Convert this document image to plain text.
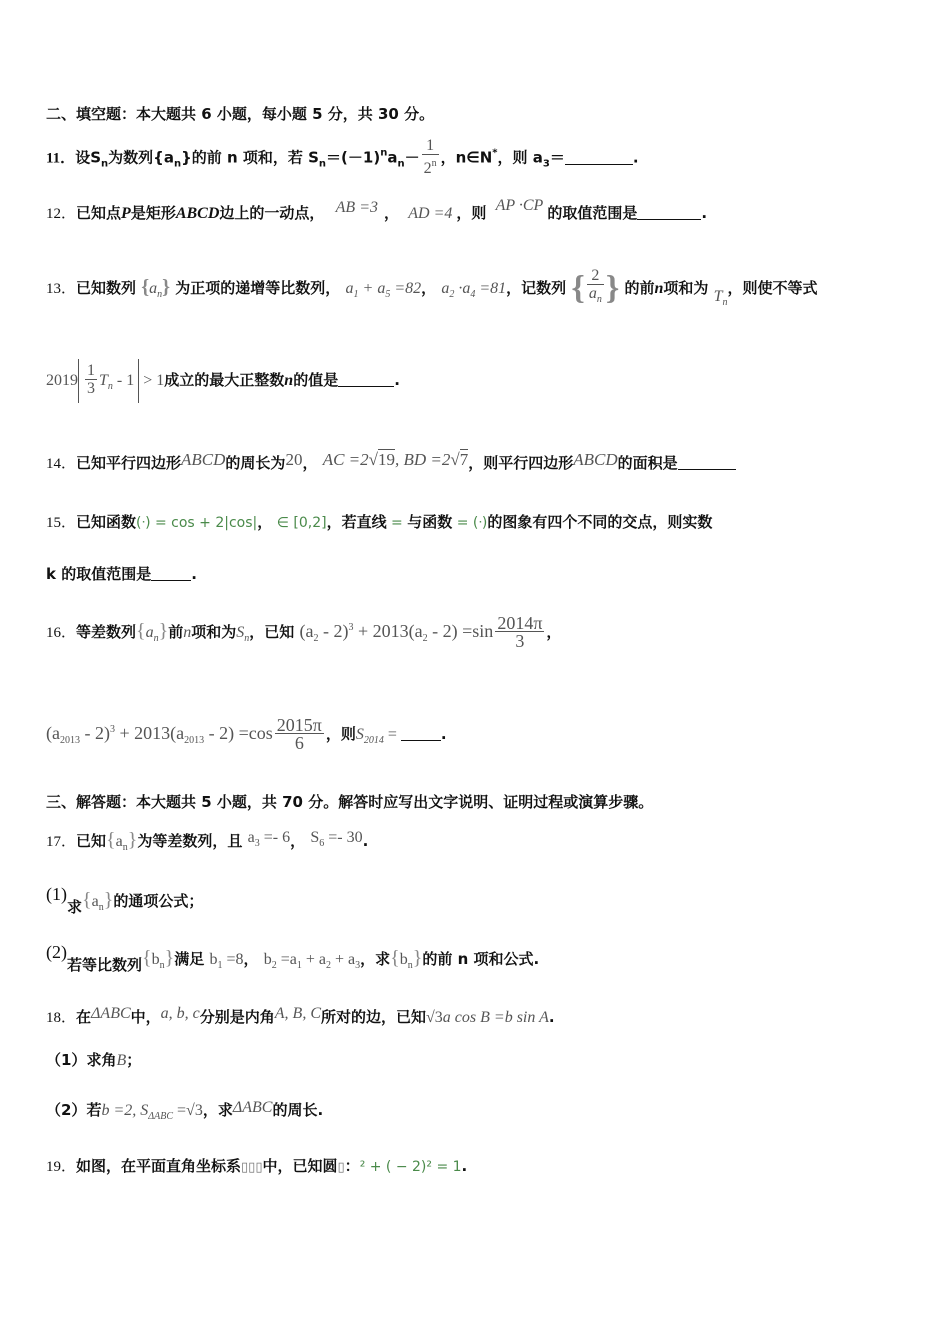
二、填空题：本大题共 6 小题，每小题 5 分，共 30 分。
11．设$S_n$为数列$\{a_n\}$的前 n 项和，若 $S_n=(-1)^na_n- \frac{1}{2^n}$ ，n∈N*，则 $a_3=$	.
12．已知点P是矩形ABCD边上的一动点， AB =3 ， AD =4 ，则 AP ·CP 的取值范围是	.
13．已知数列 $\{a_n\}$ 为正项的递增等比数列， $a_1 + a_5 =82$， $a_2 \cdot a_4 =81$，记数列 { $\frac{2}{a_n}$ } 的前n项和为 $T_n$，则使不等式
$2019 \frac{1}{3} T_n - 1 > 1$成立的最大正整数n的值是	.
14．已知平行四边形ABCD的周长为20， AC =2√19, BD =2√7，则平行四边形ABCD的面积是
15．已知函数(ᐧ) = cos + 2|cos|， ∈ [0,2]，若直线 = 与函数 = (ᐧ)的图象有四个不同的交点，则实数
k 的取值范围是	.
16．等差数列$\{a_n\}$前n项和为$S_n$，已知 $(a_2 - 2)^3 + 2013(a_2 - 2) =\sin \frac{2014\pi}{3}$ ，
$(a_{2013} - 2)^3 + 2013(a_{2013} - 2) =\cos \frac{2015\pi}{6}$ ，则$S_{2014}$ =	.
三、解答题：本大题共 5 小题，共 70 分。解答时应写出文字说明、证明过程或演算步骤。
17．已知$\{a_n\}$为等差数列，且 $a_3 =- 6$， $S_6 =- 30$.
(1)求$\{a_n\}$的通项公式；
(2)若等比数列$\{b_n\}$满足 $b_1 =8$， $b_2 =a_1 + a_2 + a_3$，求$\{b_n\}$的前 n 项和公式.
18．在ΔABC中，a, b, c分别是内角A, B, C所对的边，已知√3a cos B =b sin A.
（1）求角B；
（2）若b =2, $S_{\Delta ABC} =√3$，求ΔABC的周长.
19．如图，在平面直角坐标系▯▯▯中，已知圆▯：² + ( − 2)² = 1.
